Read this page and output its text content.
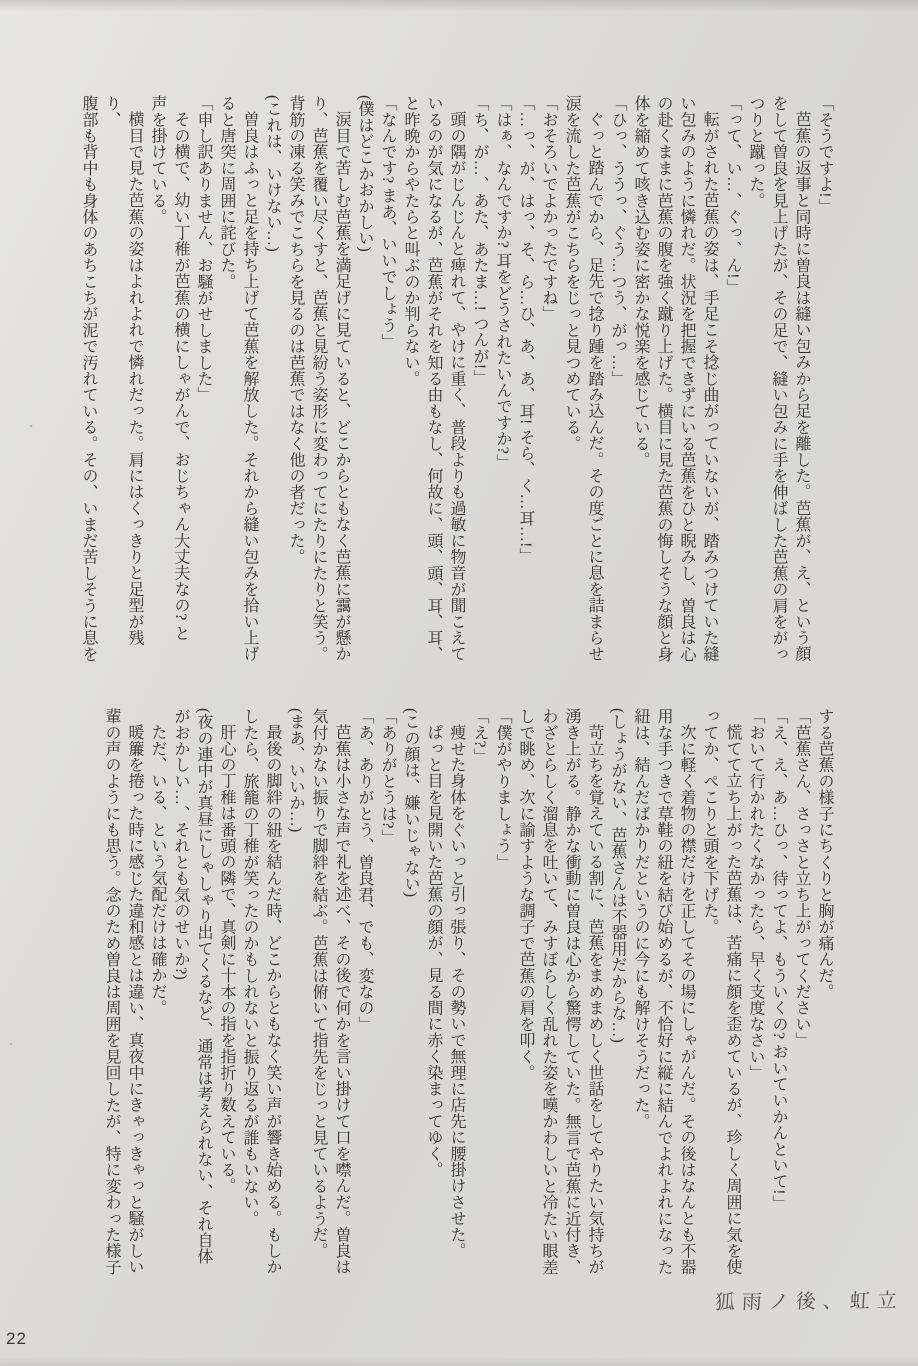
「そうですよ!」

芭蕉の返事と同時に曽良は縫い包みから足を離した。芭蕉が、え、という顔

をして曽良を見上げたが、その足で、縫い包みに手を伸ばした芭蕉の肩をがっ

つりと蹴った。

「って、い…、ぐっ、ん!」

転がされた芭蕉の姿は、手足こそ捻じ曲がっていないが、踏みつけていた縫

い包みのように憐れだ。状況を把握できずにいる芭蕉をひと睨みし、曽良は心

の赴くままに芭蕉の腹を強く蹴り上げた。横目に見た芭蕉の悔しそうな顔と身

体を縮めて咳き込む姿に密かな悦楽を感じている。

「ひっ、ううっ、ぐう…つう、がっ…」

ぐっと踏んでから、足先で捻り踵を踏み込んだ。その度ごとに息を詰まらせ

涙を流した芭蕉がこちらをじっと見つめている。

「おそろいでよかったですね」

「…っ、が、はっ、そ、ら…ひ、あ、あ、耳! そら、く…耳…!」

「はぁ、なんですか? 耳をどうされたいんですか?」

「ち、が…、あた、あたま…! つんが!」

頭の隅がじんじんと痺れて、やけに重く、普段よりも過敏に物音が聞こえて

いるのが気になるが、芭蕉がそれを知る由もなし、何故に、頭、頭、耳、耳、

と昨晩からやたらと叫ぶのか判らない。

「なんです? まあ、いいでしょう」

(僕はどこかおかしい)

涙目で苦しむ芭蕉を満足げに見ていると、どこからともなく芭蕉に靄が懸か

り、芭蕉を覆い尽くすと、芭蕉と見紛う姿形に変わってにたりにたりと笑う。

背筋の凍る笑みでこちらを見るのは芭蕉ではなく他の者だった。

(これは、いけない…)

曽良はふっと足を持ち上げて芭蕉を解放した。それから縫い包みを拾い上げ

ると唐突に周囲に詫びた。

「申し訳ありません、お騒がせしました」

その横で、幼い丁稚が芭蕉の横にしゃがんで、おじちゃん大丈夫なの? と

声を掛けている。

横目で見た芭蕉の姿はよれよれで憐れだった。肩にはくっきりと足型が残り、

腹部も背中も身体のあちこちが泥で汚れている。その、いまだ苦しそうに息を

する芭蕉の様子にちくりと胸が痛んだ。

「芭蕉さん、さっさと立ち上がってください」

「え、え、あ…ひっ、待ってよ、もういくの? おいていかんといて!」

「おいて行かれたくなかったら、早く支度なさい」

慌てて立ち上がった芭蕉は、苦痛に顔を歪めているが、珍しく周囲に気を使

ってか、ぺこりと頭を下げた。

次に軽く着物の襟だけを正してその場にしゃがんだ。その後はなんとも不器

用な手つきで草鞋の紐を結び始めるが、不恰好に縦に結んでよれよれになった

紐は、結んだばかりだというのに今にも解けそうだった。

(しょうがない、芭蕉さんは不器用だからな…)

苛立ちを覚えている割に、芭蕉をまめまめしく世話をしてやりたい気持ちが

湧き上がる。静かな衝動に曽良は心から驚愕していた。無言で芭蕉に近付き、

わざとらしく溜息を吐いて、みすぼらしく乱れた姿を嘆かわしいと冷たい眼差

しで眺め、次に諭すような調子で芭蕉の肩を叩く。

「僕がやりましょう」

「え?」

痩せた身体をぐいっと引っ張り、その勢いで無理に店先に腰掛けさせた。

ぱっと目を見開いた芭蕉の顔が、見る間に赤く染まってゆく。

(この顔は、嫌いじゃない)

「ありがとうは?」

「あ、ありがとう、曽良君、でも、変なの」

芭蕉は小さな声で礼を述べ、その後で何かを言い掛けて口を噤んだ。曽良は

気付かない振りで脚絆を結ぶ。芭蕉は俯いて指先をじっと見ているようだ。

(まあ、いいか…)

最後の脚絆の紐を結んだ時、どこからともなく笑い声が響き始める。もしか

したら、旅籠の丁稚が笑ったのかもしれないと振り返るが誰もいない。

肝心の丁稚は番頭の隣で、真剣に十本の指を指折り数えている。

(夜の連中が真昼にしゃしゃり出てくるなど、通常は考えられない、それ自体

がおかしい…、それとも気のせいか?)

ただ、いる、という気配だけは確かだ。

暖簾を捲った時に感じた違和感とは違い、真夜中にきゃっきゃっと騒がしい

輩の声のようにも思う。念のため曽良は周囲を見回したが、特に変わった様子

狐雨ノ後、虹立
22
